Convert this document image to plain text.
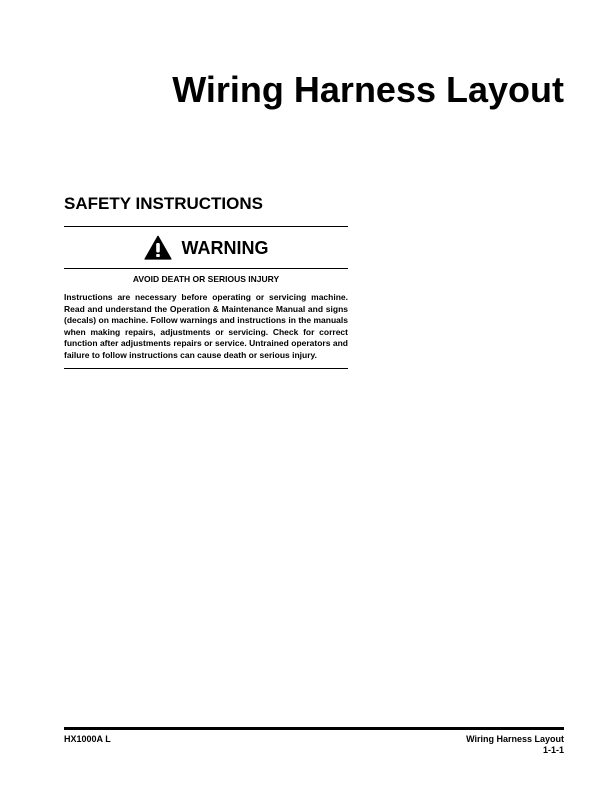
Wiring Harness Layout
SAFETY INSTRUCTIONS
WARNING
AVOID DEATH OR SERIOUS INJURY

Instructions are necessary before operating or servicing machine. Read and understand the Operation & Maintenance Manual and signs (decals) on machine. Follow warnings and instructions in the manuals when making repairs, adjustments or servicing. Check for correct function after adjustments repairs or service. Untrained operators and failure to follow instructions can cause death or serious injury.

HX1000A L	Wiring Harness Layout
1-1-1
